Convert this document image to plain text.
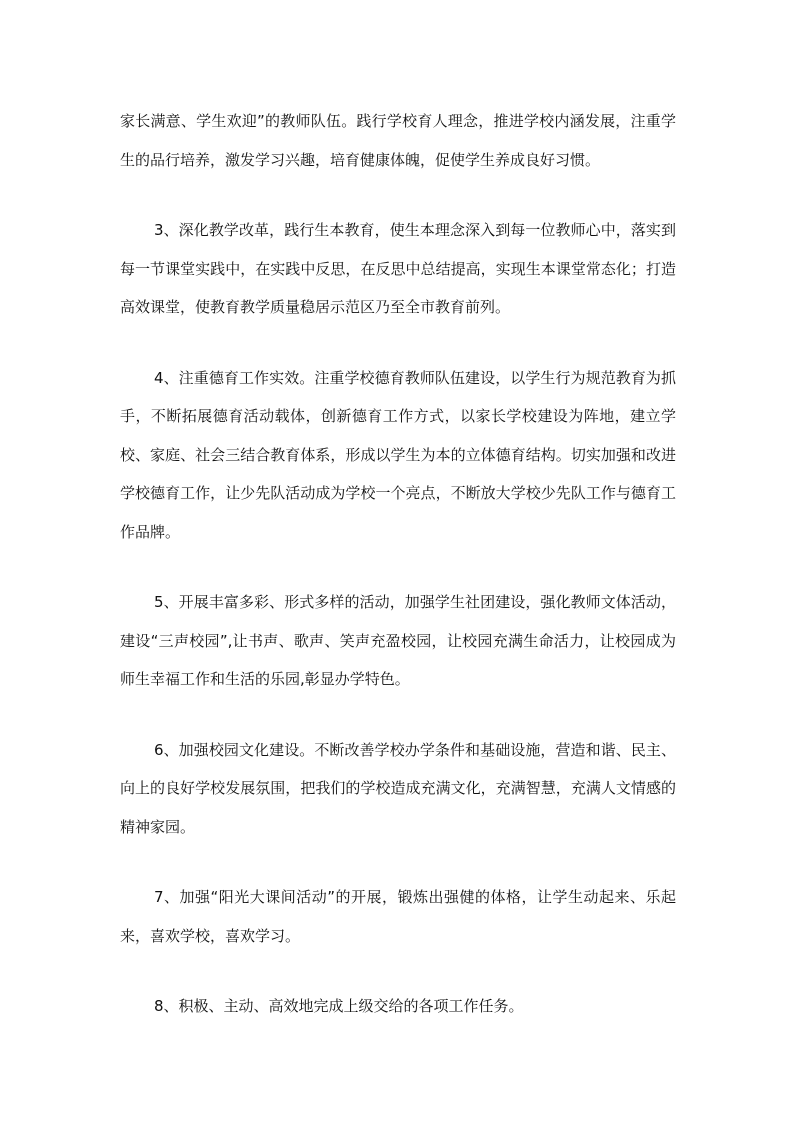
家长满意、学生欢迎”的教师队伍。践行学校育人理念，推进学校内涵发展，注重学生的品行培养，激发学习兴趣，培育健康体魄，促使学生养成良好习惯。

3、深化教学改革，践行生本教育，使生本理念深入到每一位教师心中，落实到每一节课堂实践中，在实践中反思，在反思中总结提高，实现生本课堂常态化；打造高效课堂，使教育教学质量稳居示范区乃至全市教育前列。

4、注重德育工作实效。注重学校德育教师队伍建设，以学生行为规范教育为抓手，不断拓展德育活动载体，创新德育工作方式，以家长学校建设为阵地，建立学校、家庭、社会三结合教育体系，形成以学生为本的立体德育结构。切实加强和改进学校德育工作，让少先队活动成为学校一个亮点，不断放大学校少先队工作与德育工作品牌。

5、开展丰富多彩、形式多样的活动，加强学生社团建设，强化教师文体活动，建设“三声校园”,让书声、歌声、笑声充盈校园，让校园充满生命活力，让校园成为师生幸福工作和生活的乐园,彰显办学特色。

6、加强校园文化建设。不断改善学校办学条件和基础设施，营造和谐、民主、向上的良好学校发展氛围，把我们的学校造成充满文化，充满智慧，充满人文情感的精神家园。

7、加强“阳光大课间活动”的开展，锻炼出强健的体格，让学生动起来、乐起来，喜欢学校，喜欢学习。

8、积极、主动、高效地完成上级交给的各项工作任务。
